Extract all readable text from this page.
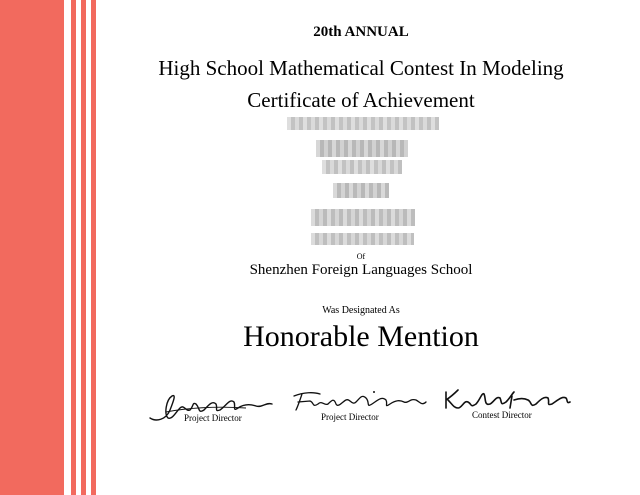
20th ANNUAL
High School Mathematical Contest In Modeling
Certificate of Achievement
Of
Shenzhen Foreign Languages School
Was Designated As
Honorable Mention
Project Director	Project Director	Contest Director
